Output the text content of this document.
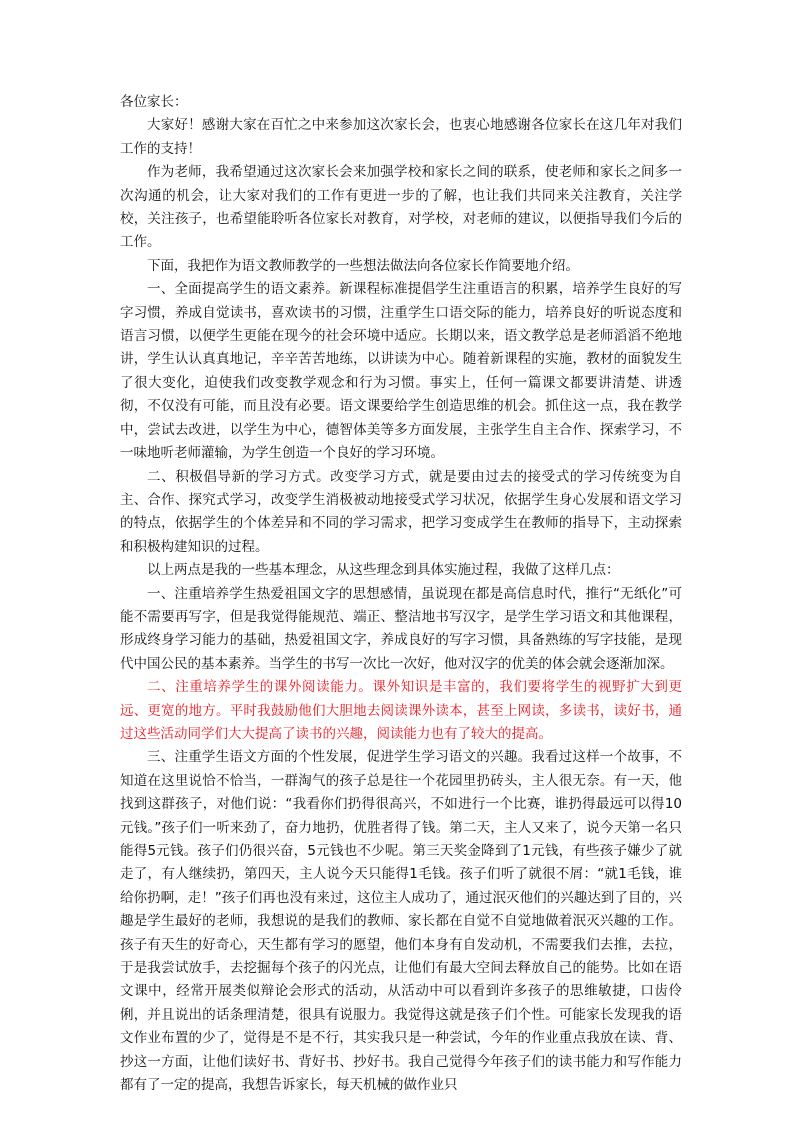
各位家长：

大家好！感谢大家在百忙之中来参加这次家长会，也衷心地感谢各位家长在这几年对我们工作的支持！

作为老师，我希望通过这次家长会来加强学校和家长之间的联系，使老师和家长之间多一次沟通的机会，让大家对我们的工作有更进一步的了解，也让我们共同来关注教育，关注学校，关注孩子，也希望能聆听各位家长对教育，对学校，对老师的建议，以便指导我们今后的工作。

下面，我把作为语文教师教学的一些想法做法向各位家长作简要地介绍。

一、全面提高学生的语文素养。新课程标准提倡学生注重语言的积累，培养学生良好的写字习惯，养成自觉读书，喜欢读书的习惯，注重学生口语交际的能力，培养良好的听说态度和语言习惯，以便学生更能在现今的社会环境中适应。长期以来，语文教学总是老师滔滔不绝地讲，学生认认真真地记，辛辛苦苦地练，以讲读为中心。随着新课程的实施，教材的面貌发生了很大变化，迫使我们改变教学观念和行为习惯。事实上，任何一篇课文都要讲清楚、讲透彻，不仅没有可能，而且没有必要。语文课要给学生创造思维的机会。抓住这一点，我在教学中，尝试去改进，以学生为中心，德智体美等多方面发展，主张学生自主合作、探索学习，不一味地听老师灌输，为学生创造一个良好的学习环境。

二、积极倡导新的学习方式。改变学习方式，就是要由过去的接受式的学习传统变为自主、合作、探究式学习，改变学生消极被动地接受式学习状况，依据学生身心发展和语文学习的特点，依据学生的个体差异和不同的学习需求，把学习变成学生在教师的指导下，主动探索和积极构建知识的过程。

以上两点是我的一些基本理念，从这些理念到具体实施过程，我做了这样几点：

一、注重培养学生热爱祖国文字的思想感情，虽说现在都是高信息时代，推行“无纸化”可能不需要再写字，但是我觉得能规范、端正、整洁地书写汉字，是学生学习语文和其他课程，形成终身学习能力的基础，热爱祖国文字，养成良好的写字习惯，具备熟练的写字技能，是现代中国公民的基本素养。当学生的书写一次比一次好，他对汉字的优美的体会就会逐渐加深。

二、注重培养学生的课外阅读能力。课外知识是丰富的，我们要将学生的视野扩大到更远、更宽的地方。平时我鼓励他们大胆地去阅读课外读本，甚至上网读，多读书，读好书，通过这些活动同学们大大提高了读书的兴趣，阅读能力也有了较大的提高。

三、注重学生语文方面的个性发展，促进学生学习语文的兴趣。我看过这样一个故事，不知道在这里说恰不恰当，一群淘气的孩子总是往一个花园里扔砖头，主人很无奈。有一天，他找到这群孩子，对他们说：“我看你们扔得很高兴，不如进行一个比赛，谁扔得最远可以得10元钱。”孩子们一听来劲了，奋力地扔，优胜者得了钱。第二天，主人又来了，说今天第一名只能得5元钱。孩子们仍很兴奋，5元钱也不少呢。第三天奖金降到了1元钱，有些孩子嫌少了就走了，有人继续扔，第四天，主人说今天只能得1毛钱。孩子们听了就很不屑：“就1毛钱，谁给你扔啊，走！”孩子们再也没有来过，这位主人成功了，通过泯灭他们的兴趣达到了目的，兴趣是学生最好的老师，我想说的是我们的教师、家长都在自觉不自觉地做着泯灭兴趣的工作。孩子有天生的好奇心，天生都有学习的愿望，他们本身有自发动机，不需要我们去推，去拉，于是我尝试放手，去挖掘每个孩子的闪光点，让他们有最大空间去释放自己的能势。比如在语文课中，经常开展类似辩论会形式的活动，从活动中可以看到许多孩子的思维敏捷，口齿伶俐，并且说出的话条理清楚，很具有说服力。我觉得这就是孩子们个性。可能家长发现我的语文作业布置的少了，觉得是不是不行，其实我只是一种尝试，今年的作业重点我放在读、背、抄这一方面，让他们读好书、背好书、抄好书。我自己觉得今年孩子们的读书能力和写作能力都有了一定的提高，我想告诉家长，每天机械的做作业只
